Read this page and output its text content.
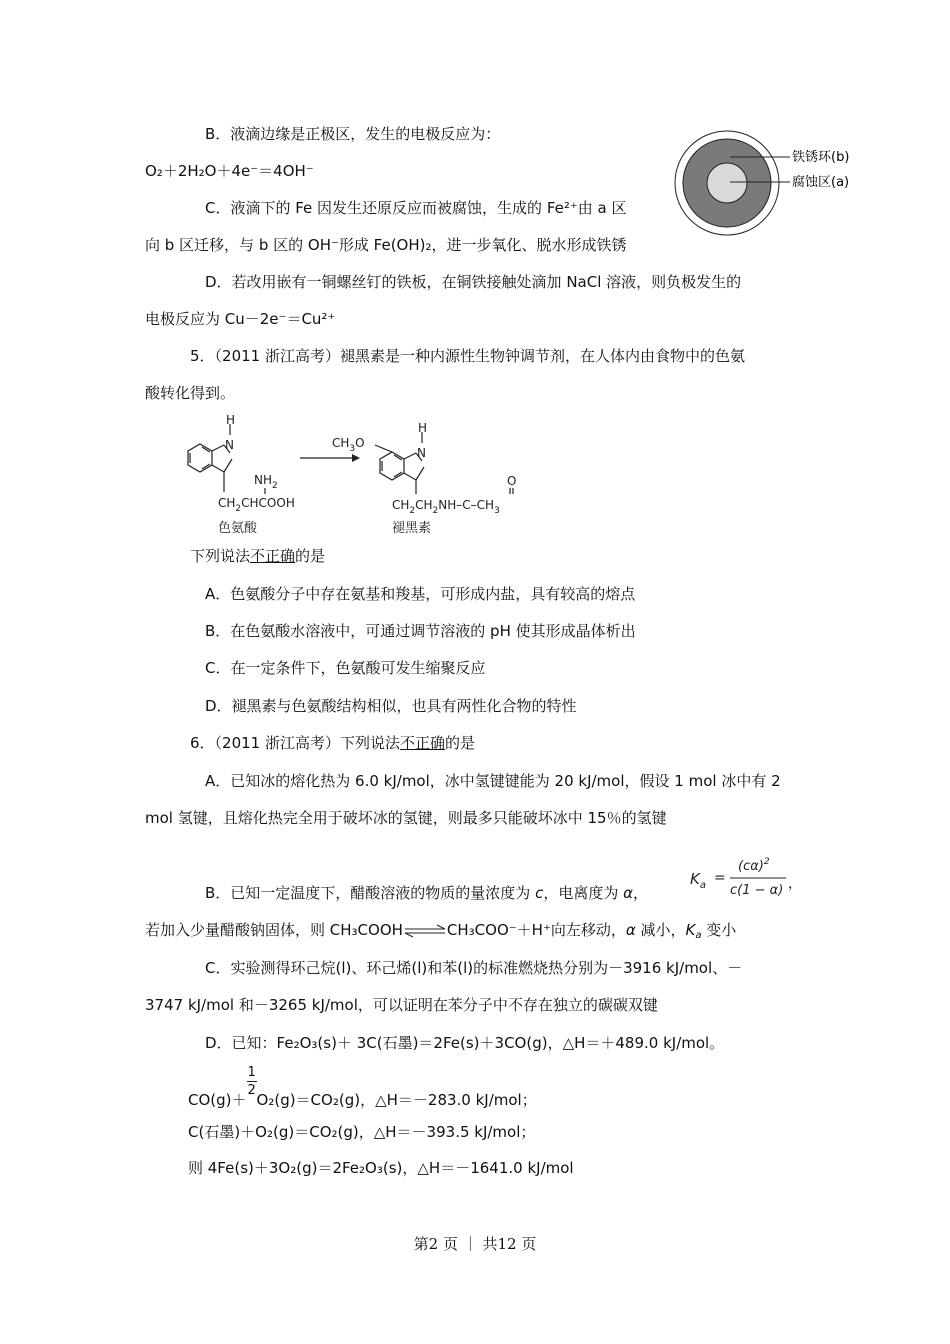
B．液滴边缘是正极区，发生的电极反应为：
O₂＋2H₂O＋4e⁻＝4OH⁻
C．液滴下的 Fe 因发生还原反应而被腐蚀，生成的 Fe²⁺由 a 区
向 b 区迁移，与 b 区的 OH⁻形成 Fe(OH)₂，进一步氧化、脱水形成铁锈
D．若改用嵌有一铜螺丝钉的铁板，在铜铁接触处滴加 NaCl 溶液，则负极发生的
电极反应为 Cu－2e⁻＝Cu²⁺
铁锈环(b)
腐蚀区(a)
5．（2011 浙江高考）褪黑素是一种内源性生物钟调节剂，在人体内由食物中的色氨
酸转化得到。
H
N
$NH_2$
$CH_2CHCOOH$
色氨酸
$CH_3O$
H
N
O
$CH_2CH_2NH-C-CH_3$
褪黑素
下列说法不正确的是
A．色氨酸分子中存在氨基和羧基，可形成内盐，具有较高的熔点
B．在色氨酸水溶液中，可通过调节溶液的 pH 使其形成晶体析出
C．在一定条件下，色氨酸可发生缩聚反应
D．褪黑素与色氨酸结构相似，也具有两性化合物的特性
6．（2011 浙江高考）下列说法不正确的是
A．已知冰的熔化热为 6.0 kJ/mol，冰中氢键键能为 20 kJ/mol，假设 1 mol 冰中有 2
mol 氢键，且熔化热完全用于破坏冰的氢键，则最多只能破坏冰中 15％的氢键
B．已知一定温度下，醋酸溶液的物质的量浓度为 c，电离度为 α，
$K_a$ =
$(c\alpha)^2$
c(1 − α) ，
若加入少量醋酸钠固体，则 CH₃COOH⇌CH₃COO⁻＋H⁺向左移动，α 减小，$K_a$ 变小
C．实验测得环己烷(l)、环己烯(l)和苯(l)的标准燃烧热分别为－3916 kJ/mol、－
3747 kJ/mol 和－3265 kJ/mol，可以证明在苯分子中不存在独立的碳碳双键
D．已知：Fe₂O₃(s)＋ 3C(石墨)＝2Fe(s)＋3CO(g)，△H＝＋489.0 kJ/mol。
$CO(g)+ \frac{1}{2} O_2(g)=CO_2(g)$，△H＝－283.0 kJ/mol；
C(石墨)＋O₂(g)＝CO₂(g)，△H＝－393.5 kJ/mol；
则 4Fe(s)＋3O₂(g)＝2Fe₂O₃(s)，△H＝－1641.0 kJ/mol
第2 页 ｜ 共12 页
